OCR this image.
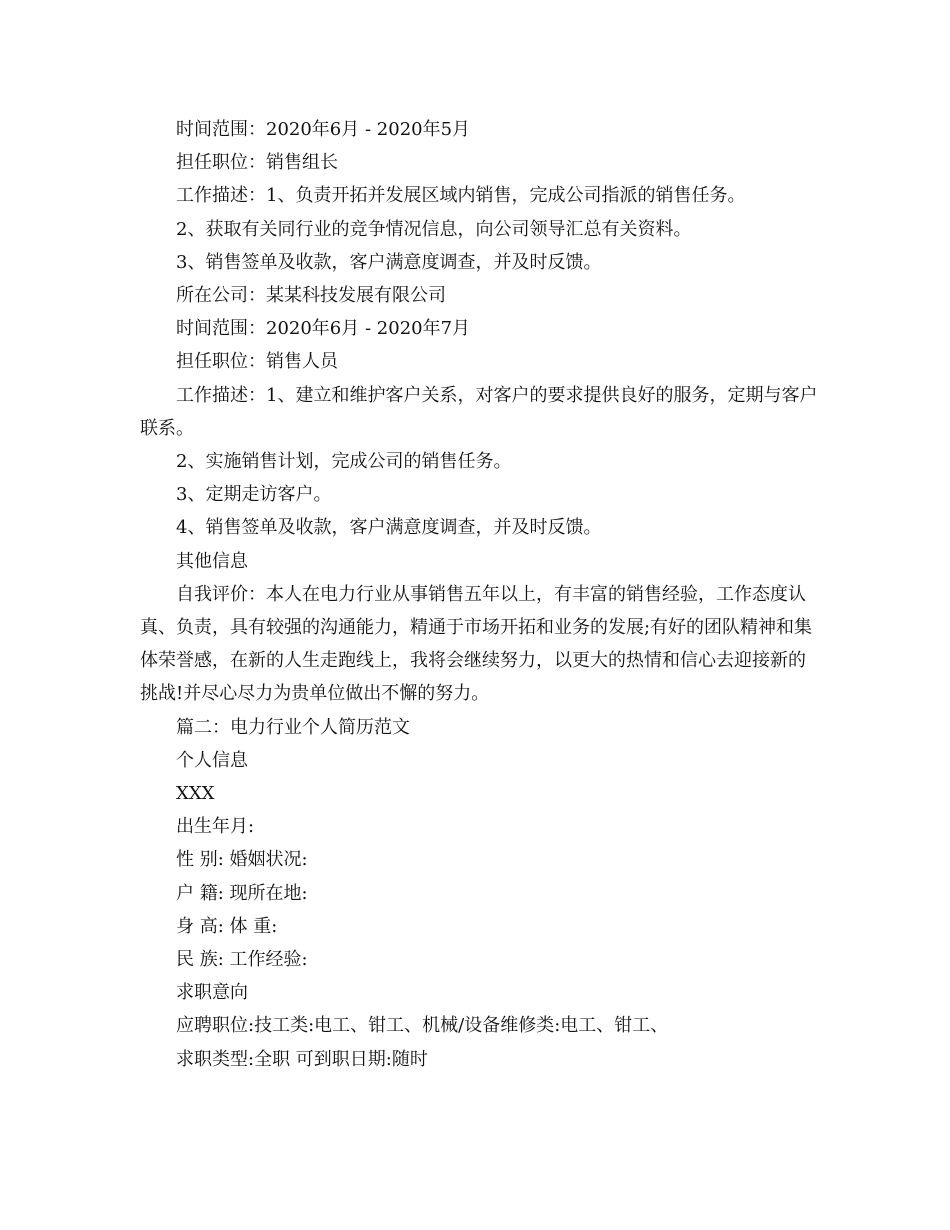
时间范围：2020年6月 - 2020年5月

担任职位：销售组长

工作描述：1、负责开拓并发展区域内销售，完成公司指派的销售任务。

2、获取有关同行业的竞争情况信息，向公司领导汇总有关资料。

3、销售签单及收款，客户满意度调查，并及时反馈。

所在公司：某某科技发展有限公司

时间范围：2020年6月 - 2020年7月

担任职位：销售人员

工作描述：1、建立和维护客户关系，对客户的要求提供良好的服务，定期与客户联系。

2、实施销售计划，完成公司的销售任务。

3、定期走访客户。

4、销售签单及收款，客户满意度调查，并及时反馈。

其他信息

自我评价：本人在电力行业从事销售五年以上，有丰富的销售经验，工作态度认真、负责，具有较强的沟通能力，精通于市场开拓和业务的发展;有好的团队精神和集体荣誉感，在新的人生走跑线上，我将会继续努力，以更大的热情和信心去迎接新的挑战!并尽心尽力为贵单位做出不懈的努力。

篇二：电力行业个人简历范文

个人信息

XXX

出生年月:

性 别: 婚姻状况:

户 籍: 现所在地:

身 高: 体 重:

民 族: 工作经验:

求职意向

应聘职位:技工类:电工、钳工、机械/设备维修类:电工、钳工、

求职类型:全职 可到职日期:随时
